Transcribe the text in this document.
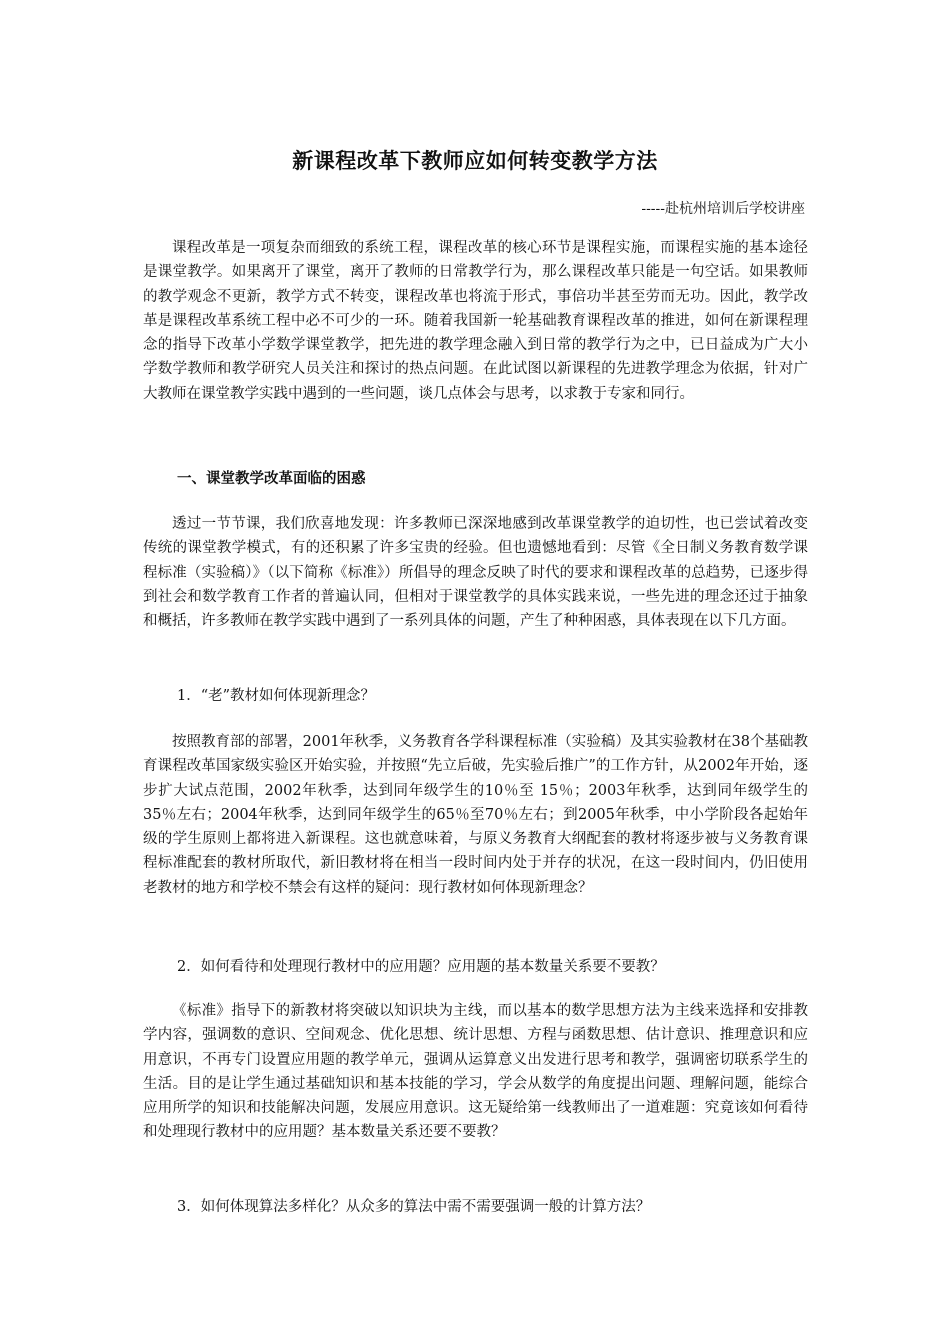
新课程改革下教师应如何转变教学方法

-----赴杭州培训后学校讲座

课程改革是一项复杂而细致的系统工程，课程改革的核心环节是课程实施，而课程实施的基本途径是课堂教学。如果离开了课堂，离开了教师的日常教学行为，那么课程改革只能是一句空话。如果教师的教学观念不更新，教学方式不转变，课程改革也将流于形式，事倍功半甚至劳而无功。因此，教学改革是课程改革系统工程中必不可少的一环。随着我国新一轮基础教育课程改革的推进，如何在新课程理念的指导下改革小学数学课堂教学，把先进的教学理念融入到日常的教学行为之中，已日益成为广大小学数学教师和教学研究人员关注和探讨的热点问题。在此试图以新课程的先进教学理念为依据，针对广大教师在课堂教学实践中遇到的一些问题，谈几点体会与思考，以求教于专家和同行。

一、课堂教学改革面临的困惑

透过一节节课，我们欣喜地发现：许多教师已深深地感到改革课堂教学的迫切性，也已尝试着改变传统的课堂教学模式，有的还积累了许多宝贵的经验。但也遗憾地看到：尽管《全日制义务教育数学课程标准（实验稿）》（以下简称《标准》）所倡导的理念反映了时代的要求和课程改革的总趋势，已逐步得到社会和数学教育工作者的普遍认同，但相对于课堂教学的具体实践来说，一些先进的理念还过于抽象和概括，许多教师在教学实践中遇到了一系列具体的问题，产生了种种困惑，具体表现在以下几方面。

1．“老”教材如何体现新理念？

按照教育部的部署，2001年秋季，义务教育各学科课程标准（实验稿）及其实验教材在38个基础教育课程改革国家级实验区开始实验，并按照“先立后破，先实验后推广”的工作方针，从2002年开始，逐步扩大试点范围，2002年秋季，达到同年级学生的10％至 15％；2003年秋季，达到同年级学生的35％左右；2004年秋季，达到同年级学生的65％至70％左右；到2005年秋季，中小学阶段各起始年级的学生原则上都将进入新课程。这也就意味着，与原义务教育大纲配套的教材将逐步被与义务教育课程标准配套的教材所取代，新旧教材将在相当一段时间内处于并存的状况，在这一段时间内，仍旧使用老教材的地方和学校不禁会有这样的疑问：现行教材如何体现新理念？

2．如何看待和处理现行教材中的应用题？应用题的基本数量关系要不要教？

《标准》指导下的新教材将突破以知识块为主线，而以基本的数学思想方法为主线来选择和安排教学内容，强调数的意识、空间观念、优化思想、统计思想、方程与函数思想、估计意识、推理意识和应用意识，不再专门设置应用题的教学单元，强调从运算意义出发进行思考和教学，强调密切联系学生的生活。目的是让学生通过基础知识和基本技能的学习，学会从数学的角度提出问题、理解问题，能综合应用所学的知识和技能解决问题，发展应用意识。这无疑给第一线教师出了一道难题：究竟该如何看待和处理现行教材中的应用题？基本数量关系还要不要教？

3．如何体现算法多样化？从众多的算法中需不需要强调一般的计算方法？
